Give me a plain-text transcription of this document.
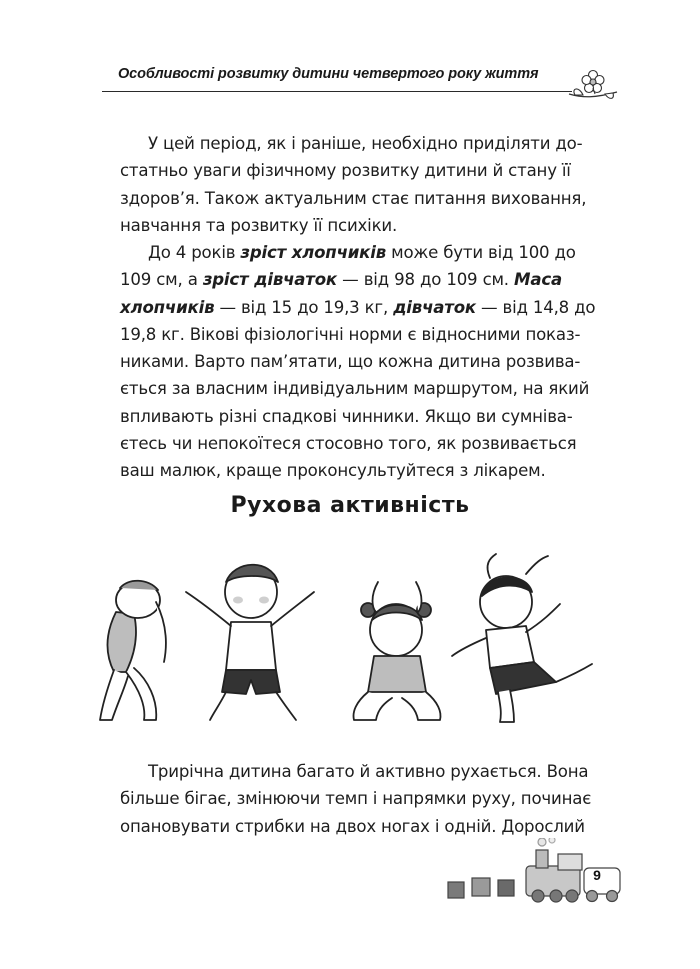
Особливості розвитку дитини четвертого року життя
У цей період, як і раніше, необхідно приділяти до-
статньо уваги фізичному розвитку дитини й стану її
здоров’я. Також актуальним стає питання виховання,
навчання та розвитку її психіки.
До 4 років зріст хлопчиків може бути від 100 до
109 см, а зріст дівчаток — від 98 до 109 см. Маса
хлопчиків — від 15 до 19,3 кг, дівчаток — від 14,8 до
19,8 кг. Вікові фізіологічні норми є відносними показ-
никами. Варто пам’ятати, що кожна дитина розвива-
ється за власним індивідуальним маршрутом, на який
впливають різні спадкові чинники. Якщо ви сумніва-
єтесь чи непокоїтеся стосовно того, як розвивається
ваш малюк, краще проконсультуйтеся з лікарем.
Рухова активність
Трирічна дитина багато й активно рухається. Вона
більше бігає, змінюючи темп і напрямки руху, починає
опановувати стрибки на двох ногах і одній. Дорослий
9
